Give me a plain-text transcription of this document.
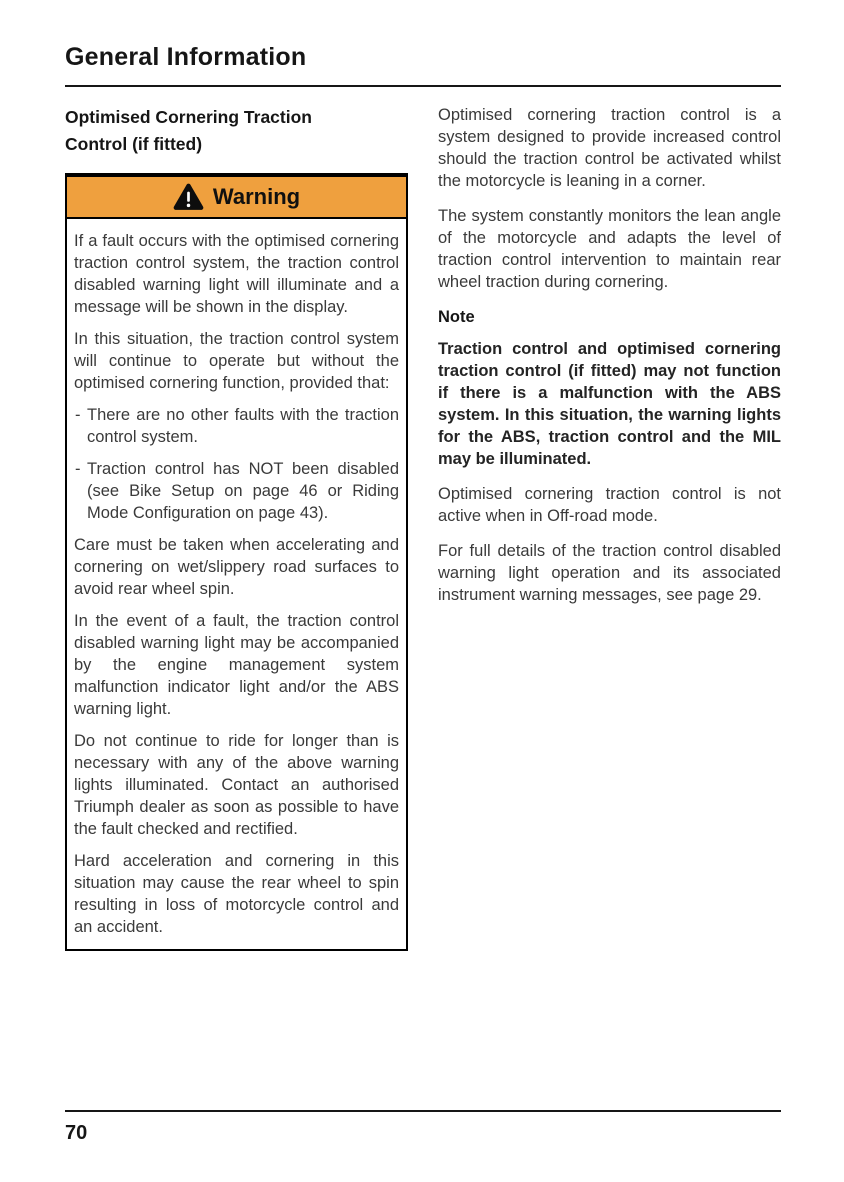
General Information
Optimised Cornering Traction Control (if fitted)
Warning

If a fault occurs with the optimised cornering traction control system, the traction control disabled warning light will illuminate and a message will be shown in the display.

In this situation, the traction control system will continue to operate but without the optimised cornering function, provided that:

- There are no other faults with the traction control system.
- Traction control has NOT been disabled (see Bike Setup on page 46 or Riding Mode Configuration on page 43).

Care must be taken when accelerating and cornering on wet/slippery road surfaces to avoid rear wheel spin.

In the event of a fault, the traction control disabled warning light may be accompanied by the engine management system malfunction indicator light and/or the ABS warning light.

Do not continue to ride for longer than is necessary with any of the above warning lights illuminated. Contact an authorised Triumph dealer as soon as possible to have the fault checked and rectified.

Hard acceleration and cornering in this situation may cause the rear wheel to spin resulting in loss of motorcycle control and an accident.

Optimised cornering traction control is a system designed to provide increased control should the traction control be activated whilst the motorcycle is leaning in a corner.

The system constantly monitors the lean angle of the motorcycle and adapts the level of traction control intervention to maintain rear wheel traction during cornering.

Note

Traction control and optimised cornering traction control (if fitted) may not function if there is a malfunction with the ABS system. In this situation, the warning lights for the ABS, traction control and the MIL may be illuminated.

Optimised cornering traction control is not active when in Off-road mode.

For full details of the traction control disabled warning light operation and its associated instrument warning messages, see page 29.

70
